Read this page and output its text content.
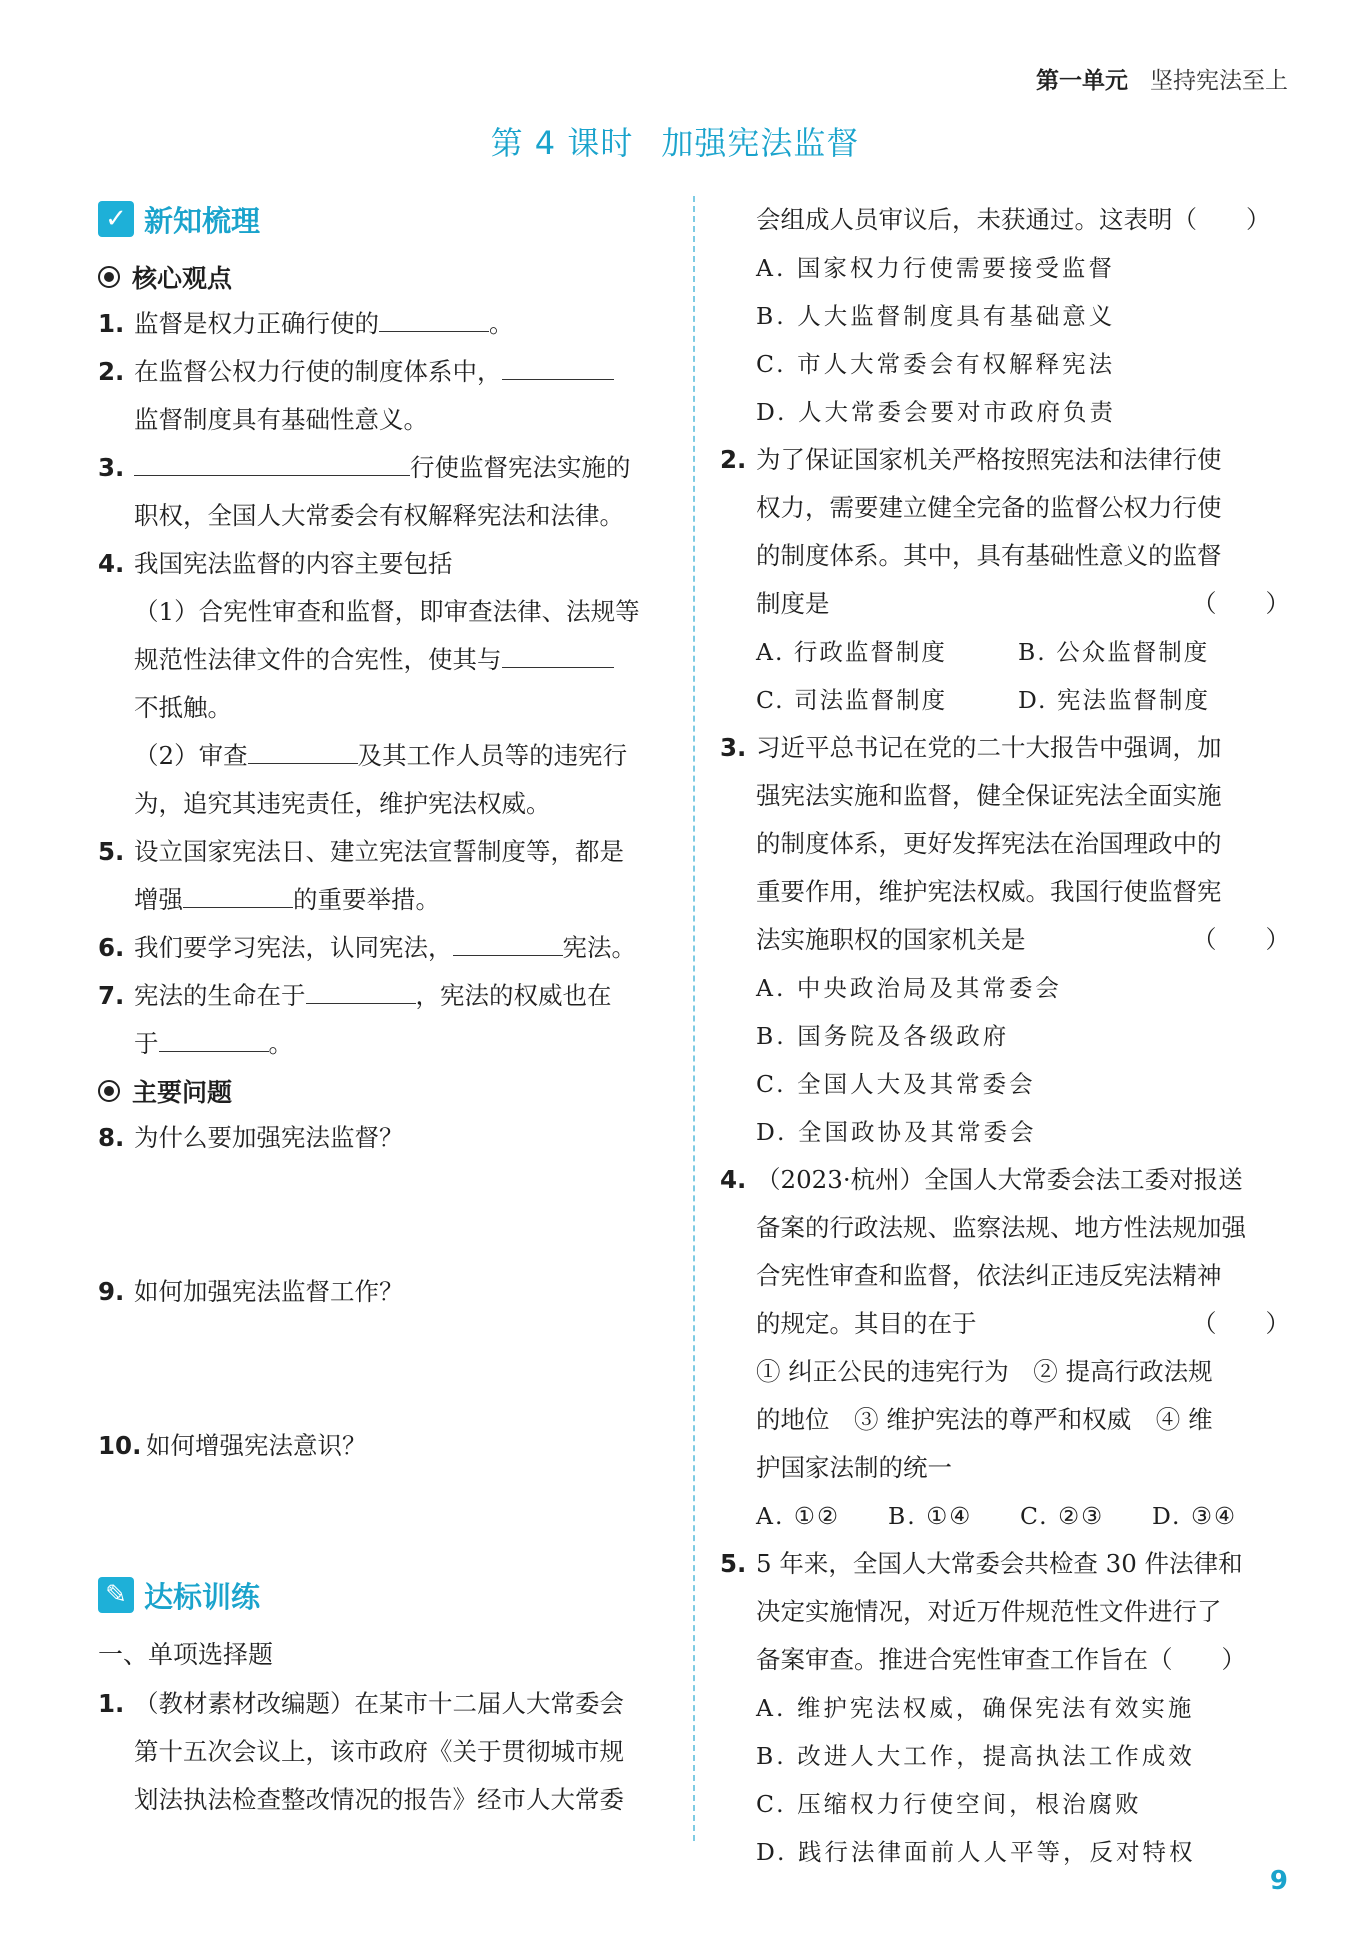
第一单元 坚持宪法至上
第 4 课时 加强宪法监督
✓ 新知梳理
核心观点
1. 监督是权力正确行使的	。
2. 在监督公权力行使的制度体系中，
监督制度具有基础性意义。
3.	行使监督宪法实施的
职权，全国人大常委会有权解释宪法和法律。
4. 我国宪法监督的内容主要包括
（1）合宪性审查和监督，即审查法律、法规等
规范性法律文件的合宪性，使其与
不抵触。
（2）审查	及其工作人员等的违宪行
为，追究其违宪责任，维护宪法权威。
5. 设立国家宪法日、建立宪法宣誓制度等，都是
增强	的重要举措。
6. 我们要学习宪法，认同宪法，	宪法。
7. 宪法的生命在于	，宪法的权威也在
于	。
主要问题
8. 为什么要加强宪法监督？
9. 如何加强宪法监督工作？
10. 如何增强宪法意识？
✎ 达标训练
一、单项选择题
1. （教材素材改编题）在某市十二届人大常委会
第十五次会议上，该市政府《关于贯彻城市规
划法执法检查整改情况的报告》经市人大常委
会组成人员审议后，未获通过。这表明（　　）
A. 国家权力行使需要接受监督
B. 人大监督制度具有基础意义
C. 市人大常委会有权解释宪法
D. 人大常委会要对市政府负责
2. 为了保证国家机关严格按照宪法和法律行使
权力，需要建立健全完备的监督公权力行使
的制度体系。其中，具有基础性意义的监督
制度是	（　　）
A. 行政监督制度	B. 公众监督制度
C. 司法监督制度	D. 宪法监督制度
3. 习近平总书记在党的二十大报告中强调，加
强宪法实施和监督，健全保证宪法全面实施
的制度体系，更好发挥宪法在治国理政中的
重要作用，维护宪法权威。我国行使监督宪
法实施职权的国家机关是	（　　）
A. 中央政治局及其常委会
B. 国务院及各级政府
C. 全国人大及其常委会
D. 全国政协及其常委会
4. （2023·杭州）全国人大常委会法工委对报送
备案的行政法规、监察法规、地方性法规加强
合宪性审查和监督，依法纠正违反宪法精神
的规定。其目的在于	（　　）
① 纠正公民的违宪行为　② 提高行政法规
的地位　③ 维护宪法的尊严和权威　④ 维
护国家法制的统一
A. ①②	B. ①④	C. ②③	D. ③④
5. 5 年来，全国人大常委会共检查 30 件法律和
决定实施情况，对近万件规范性文件进行了
备案审查。推进合宪性审查工作旨在（　　）
A. 维护宪法权威，确保宪法有效实施
B. 改进人大工作，提高执法工作成效
C. 压缩权力行使空间，根治腐败
D. 践行法律面前人人平等，反对特权
9
